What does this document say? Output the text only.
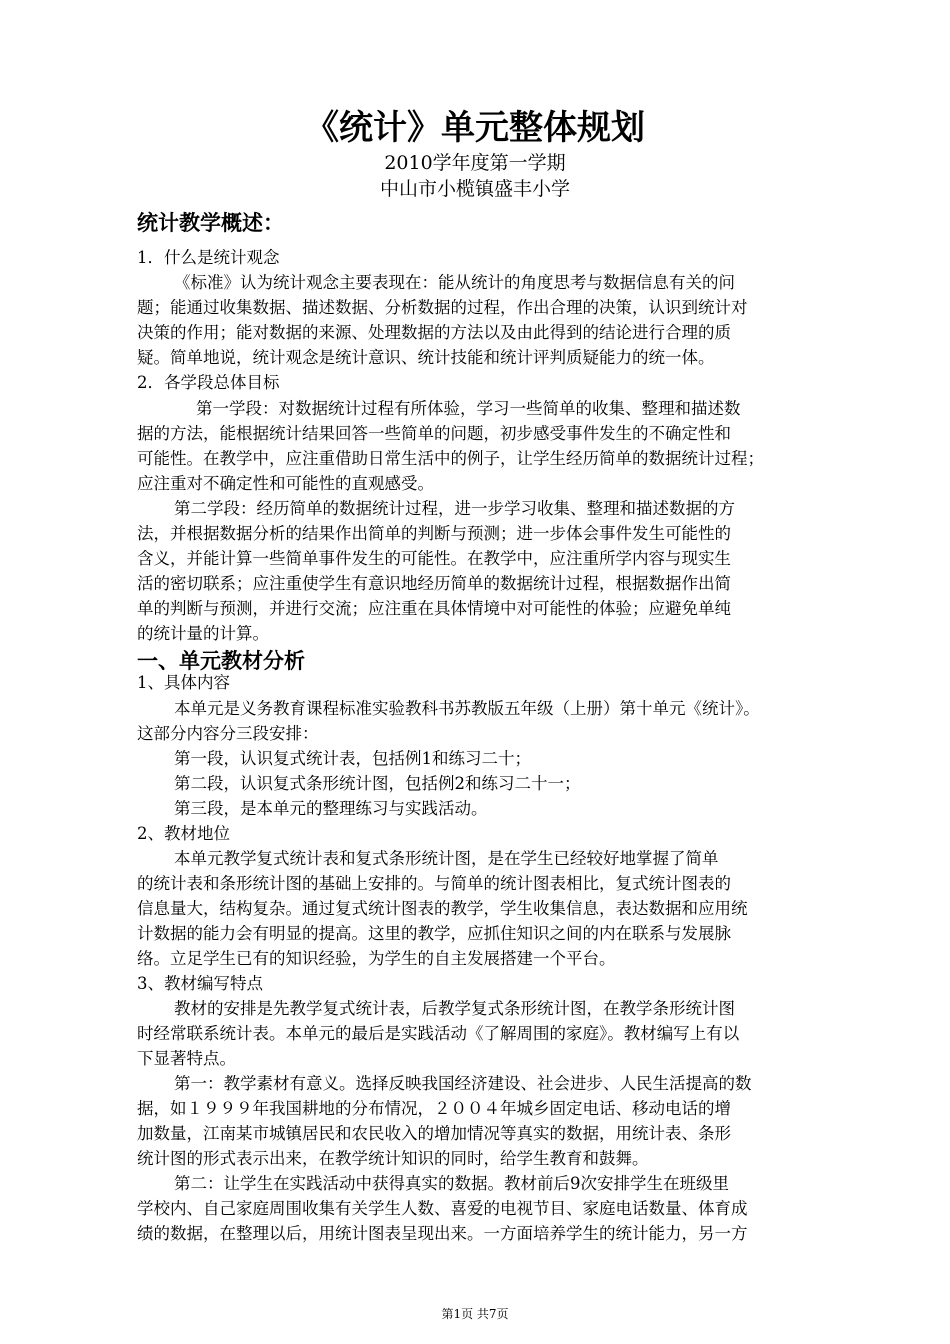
《统计》单元整体规划
2010学年度第一学期
中山市小榄镇盛丰小学
统计教学概述：
1．什么是统计观念
《标准》认为统计观念主要表现在：能从统计的角度思考与数据信息有关的问
题；能通过收集数据、描述数据、分析数据的过程，作出合理的决策，认识到统计对
决策的作用；能对数据的来源、处理数据的方法以及由此得到的结论进行合理的质
疑。简单地说，统计观念是统计意识、统计技能和统计评判质疑能力的统一体。
2．各学段总体目标
第一学段：对数据统计过程有所体验，学习一些简单的收集、整理和描述数
据的方法，能根据统计结果回答一些简单的问题，初步感受事件发生的不确定性和
可能性。在教学中，应注重借助日常生活中的例子，让学生经历简单的数据统计过程；
应注重对不确定性和可能性的直观感受。
第二学段：经历简单的数据统计过程，进一步学习收集、整理和描述数据的方
法，并根据数据分析的结果作出简单的判断与预测；进一步体会事件发生可能性的
含义，并能计算一些简单事件发生的可能性。在教学中，应注重所学内容与现实生
活的密切联系；应注重使学生有意识地经历简单的数据统计过程，根据数据作出简
单的判断与预测，并进行交流；应注重在具体情境中对可能性的体验；应避免单纯
的统计量的计算。
一、单元教材分析
1、具体内容
本单元是义务教育课程标准实验教科书苏教版五年级（上册）第十单元《统计》。
这部分内容分三段安排：
第一段，认识复式统计表，包括例1和练习二十；
第二段，认识复式条形统计图，包括例2和练习二十一；
第三段，是本单元的整理练习与实践活动。
2、教材地位
本单元教学复式统计表和复式条形统计图，是在学生已经较好地掌握了简单
的统计表和条形统计图的基础上安排的。与简单的统计图表相比，复式统计图表的
信息量大，结构复杂。通过复式统计图表的教学，学生收集信息，表达数据和应用统
计数据的能力会有明显的提高。这里的教学，应抓住知识之间的内在联系与发展脉
络。立足学生已有的知识经验，为学生的自主发展搭建一个平台。
3、教材编写特点
教材的安排是先教学复式统计表，后教学复式条形统计图，在教学条形统计图
时经常联系统计表。本单元的最后是实践活动《了解周围的家庭》。教材编写上有以
下显著特点。
第一：教学素材有意义。选择反映我国经济建设、社会进步、人民生活提高的数
据，如１９９９年我国耕地的分布情况，２００４年城乡固定电话、移动电话的增
加数量，江南某市城镇居民和农民收入的增加情况等真实的数据，用统计表、条形
统计图的形式表示出来，在教学统计知识的同时，给学生教育和鼓舞。
第二：让学生在实践活动中获得真实的数据。教材前后9次安排学生在班级里
学校内、自己家庭周围收集有关学生人数、喜爱的电视节目、家庭电话数量、体育成
绩的数据，在整理以后，用统计图表呈现出来。一方面培养学生的统计能力，另一方
第1页 共7页
